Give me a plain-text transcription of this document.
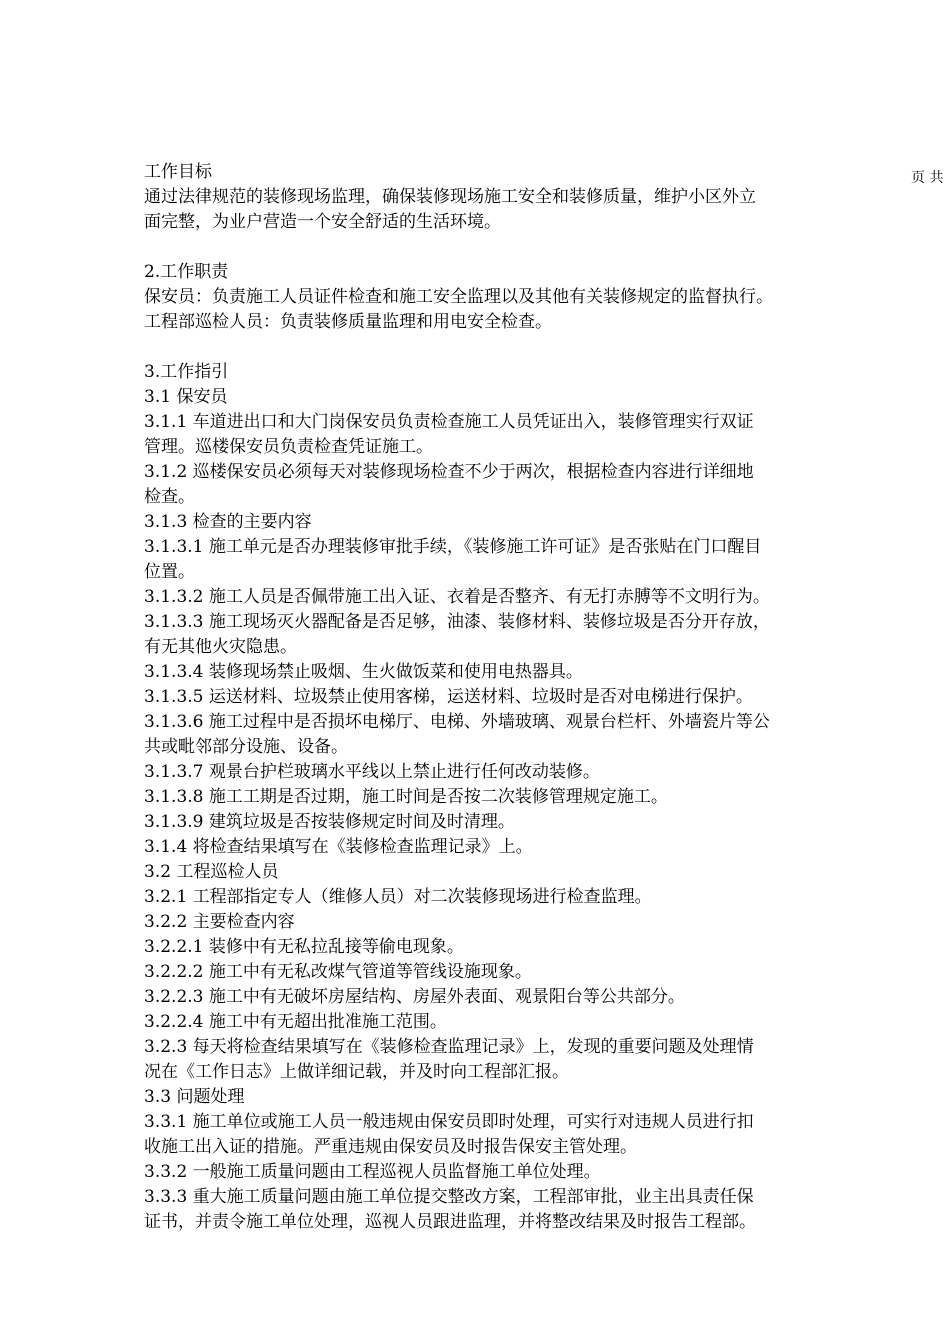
页 共
工作目标
通过法律规范的装修现场监理，确保装修现场施工安全和装修质量，维护小区外立
面完整，为业户营造一个安全舒适的生活环境。
2.工作职责
保安员：负责施工人员证件检查和施工安全监理以及其他有关装修规定的监督执行。
工程部巡检人员：负责装修质量监理和用电安全检查。
3.工作指引
3.1 保安员
3.1.1 车道进出口和大门岗保安员负责检查施工人员凭证出入，装修管理实行双证
管理。巡楼保安员负责检查凭证施工。
3.1.2 巡楼保安员必须每天对装修现场检查不少于两次，根据检查内容进行详细地
检查。
3.1.3 检查的主要内容
3.1.3.1 施工单元是否办理装修审批手续，《装修施工许可证》是否张贴在门口醒目
位置。
3.1.3.2 施工人员是否佩带施工出入证、衣着是否整齐、有无打赤膊等不文明行为。
3.1.3.3 施工现场灭火器配备是否足够，油漆、装修材料、装修垃圾是否分开存放，
有无其他火灾隐患。
3.1.3.4 装修现场禁止吸烟、生火做饭菜和使用电热器具。
3.1.3.5 运送材料、垃圾禁止使用客梯，运送材料、垃圾时是否对电梯进行保护。
3.1.3.6 施工过程中是否损坏电梯厅、电梯、外墙玻璃、观景台栏杆、外墙瓷片等公
共或毗邻部分设施、设备。
3.1.3.7 观景台护栏玻璃水平线以上禁止进行任何改动装修。
3.1.3.8 施工工期是否过期，施工时间是否按二次装修管理规定施工。
3.1.3.9 建筑垃圾是否按装修规定时间及时清理。
3.1.4 将检查结果填写在《装修检查监理记录》上。
3.2 工程巡检人员
3.2.1 工程部指定专人（维修人员）对二次装修现场进行检查监理。
3.2.2 主要检查内容
3.2.2.1 装修中有无私拉乱接等偷电现象。
3.2.2.2 施工中有无私改煤气管道等管线设施现象。
3.2.2.3 施工中有无破坏房屋结构、房屋外表面、观景阳台等公共部分。
3.2.2.4 施工中有无超出批准施工范围。
3.2.3 每天将检查结果填写在《装修检查监理记录》上，发现的重要问题及处理情
况在《工作日志》上做详细记载，并及时向工程部汇报。
3.3 问题处理
3.3.1 施工单位或施工人员一般违规由保安员即时处理，可实行对违规人员进行扣
收施工出入证的措施。严重违规由保安员及时报告保安主管处理。
3.3.2 一般施工质量问题由工程巡视人员监督施工单位处理。
3.3.3 重大施工质量问题由施工单位提交整改方案，工程部审批，业主出具责任保
证书，并责令施工单位处理，巡视人员跟进监理，并将整改结果及时报告工程部。
